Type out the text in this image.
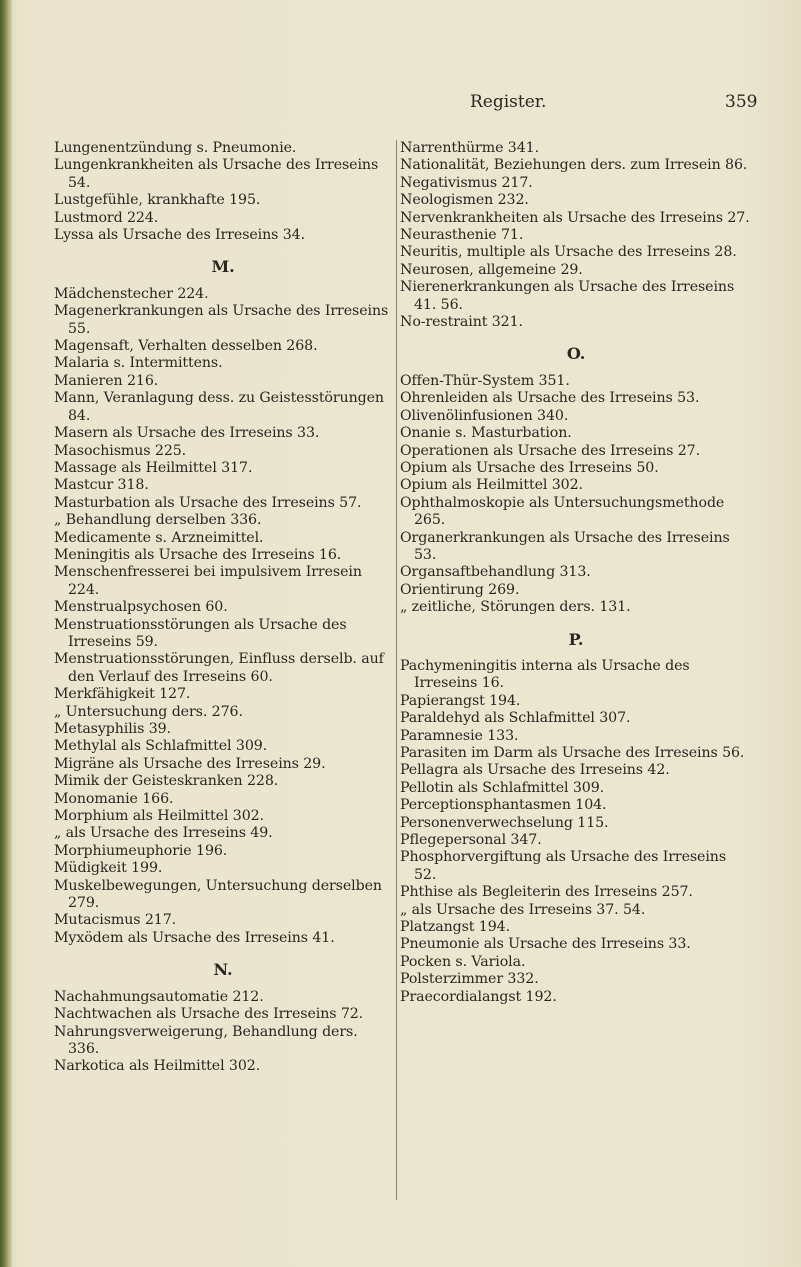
Register.	359

Lungenentzündung s. Pneumonie.

Lungenkrankheiten als Ursache des Irreseins 54.

Lustgefühle, krankhafte 195.

Lustmord 224.

Lyssa als Ursache des Irreseins 34.

M.

Mädchenstecher 224.

Magenerkrankungen als Ursache des Irreseins 55.

Magensaft, Verhalten desselben 268.

Malaria s. Intermittens.

Manieren 216.

Mann, Veranlagung dess. zu Geistesstörungen 84.

Masern als Ursache des Irreseins 33.

Masochismus 225.

Massage als Heilmittel 317.

Mastcur 318.

Masturbation als Ursache des Irreseins 57.

„ Behandlung derselben 336.

Medicamente s. Arzneimittel.

Meningitis als Ursache des Irreseins 16.

Menschenfresserei bei impulsivem Irresein 224.

Menstrualpsychosen 60.

Menstruationsstörungen als Ursache des Irreseins 59.

Menstruationsstörungen, Einfluss derselb. auf den Verlauf des Irreseins 60.

Merkfähigkeit 127.

„ Untersuchung ders. 276.

Metasyphilis 39.

Methylal als Schlafmittel 309.

Migräne als Ursache des Irreseins 29.

Mimik der Geisteskranken 228.

Monomanie 166.

Morphium als Heilmittel 302.

„ als Ursache des Irreseins 49.

Morphiumeuphorie 196.

Müdigkeit 199.

Muskelbewegungen, Untersuchung derselben 279.

Mutacismus 217.

Myxödem als Ursache des Irreseins 41.

N.

Nachahmungsautomatie 212.

Nachtwachen als Ursache des Irreseins 72.

Nahrungsverweigerung, Behandlung ders. 336.

Narkotica als Heilmittel 302.

Narrenthürme 341.

Nationalität, Beziehungen ders. zum Irresein 86.

Negativismus 217.

Neologismen 232.

Nervenkrankheiten als Ursache des Irreseins 27.

Neurasthenie 71.

Neuritis, multiple als Ursache des Irreseins 28.

Neurosen, allgemeine 29.

Nierenerkrankungen als Ursache des Irreseins 41. 56.

No-restraint 321.

O.

Offen-Thür-System 351.

Ohrenleiden als Ursache des Irreseins 53.

Olivenölinfusionen 340.

Onanie s. Masturbation.

Operationen als Ursache des Irreseins 27.

Opium als Ursache des Irreseins 50.

Opium als Heilmittel 302.

Ophthalmoskopie als Untersuchungsmethode 265.

Organerkrankungen als Ursache des Irreseins 53.

Organsaftbehandlung 313.

Orientirung 269.

„ zeitliche, Störungen ders. 131.

P.

Pachymeningitis interna als Ursache des Irreseins 16.

Papierangst 194.

Paraldehyd als Schlafmittel 307.

Paramnesie 133.

Parasiten im Darm als Ursache des Irreseins 56.

Pellagra als Ursache des Irreseins 42.

Pellotin als Schlafmittel 309.

Perceptionsphantasmen 104.

Personenverwechselung 115.

Pflegepersonal 347.

Phosphorvergiftung als Ursache des Irreseins 52.

Phthise als Begleiterin des Irreseins 257.

„ als Ursache des Irreseins 37. 54.

Platzangst 194.

Pneumonie als Ursache des Irreseins 33.

Pocken s. Variola.

Polsterzimmer 332.

Praecordialangst 192.
